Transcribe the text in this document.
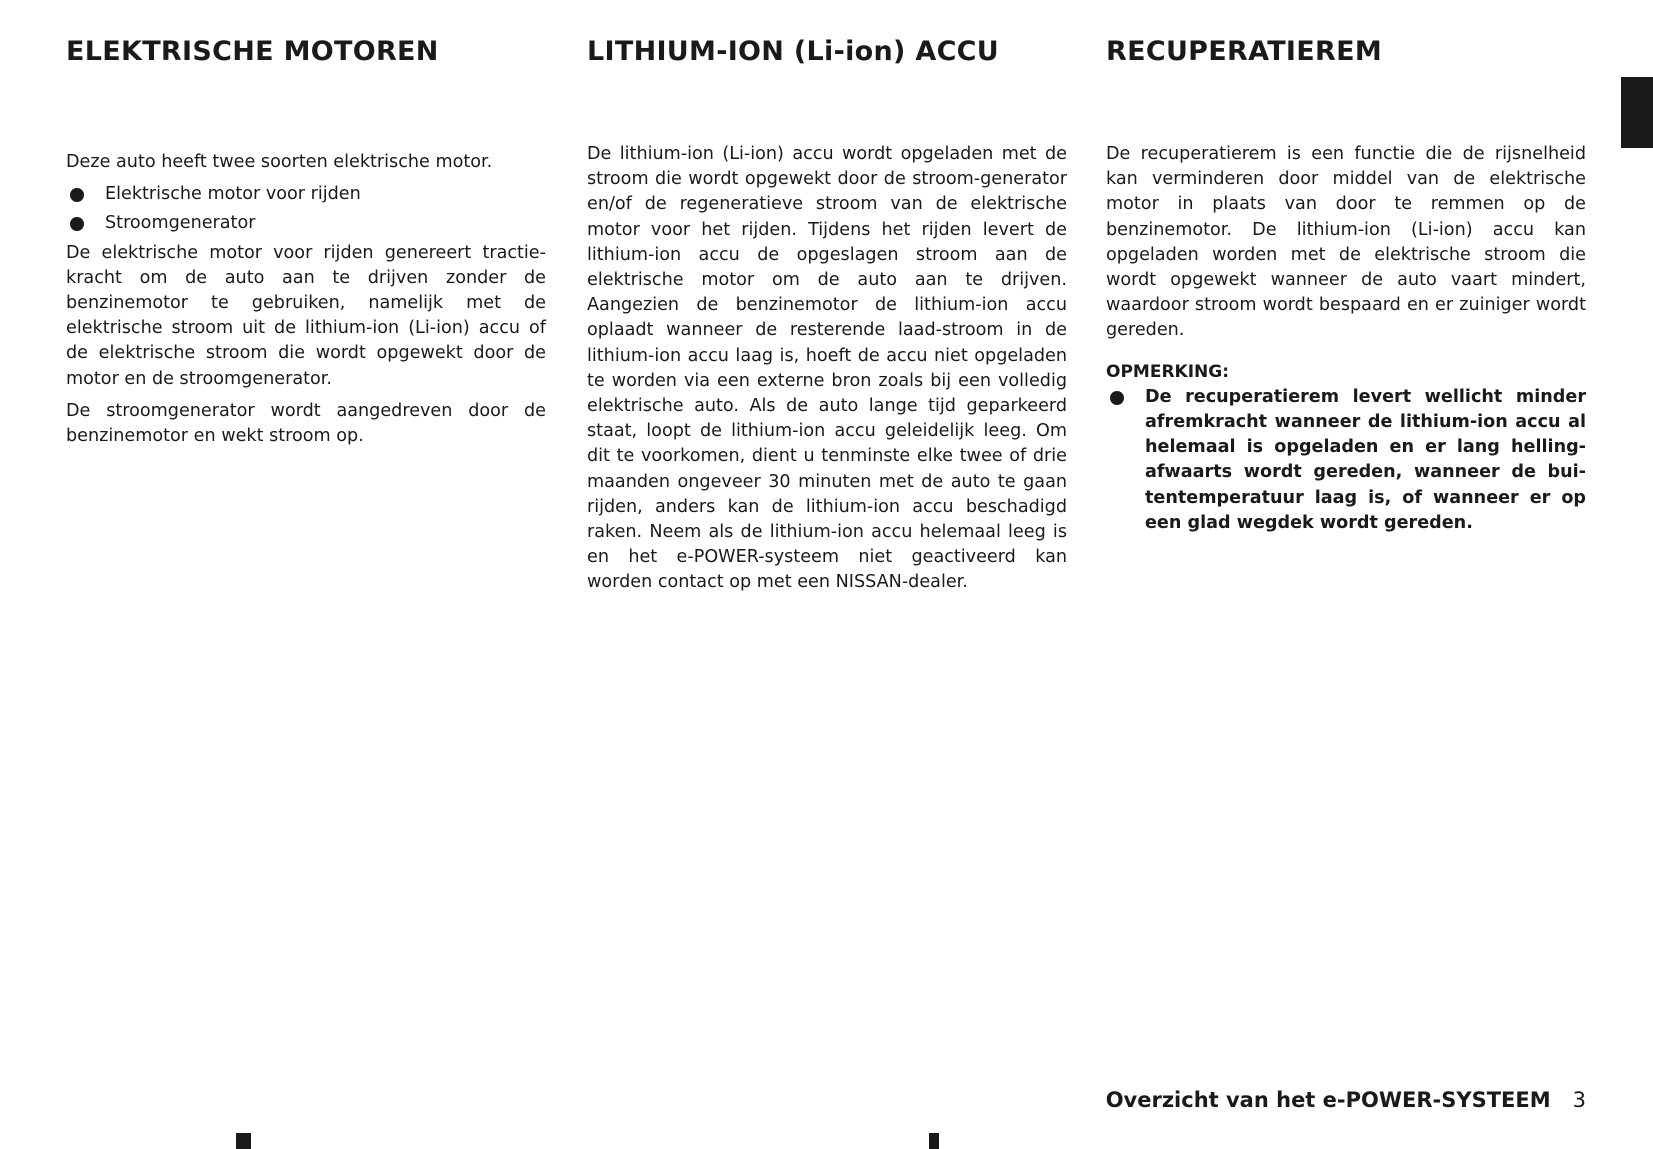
ELEKTRISCHE MOTOREN	LITHIUM-ION (Li-ion) ACCU	RECUPERATIEREM

Deze auto heeft twee soorten elektrische motor.

Elektrische motor voor rijden
Stroomgenerator

De elektrische motor voor rijden genereert tractie-kracht om de auto aan te drijven zonder de benzinemotor te gebruiken, namelijk met de elektrische stroom uit de lithium-ion (Li-ion) accu of de elektrische stroom die wordt opgewekt door de motor en de stroomgenerator.

De stroomgenerator wordt aangedreven door de benzinemotor en wekt stroom op.

De lithium-ion (Li-ion) accu wordt opgeladen met de stroom die wordt opgewekt door de stroom-generator en/of de regeneratieve stroom van de elektrische motor voor het rijden. Tijdens het rijden levert de lithium-ion accu de opgeslagen stroom aan de elektrische motor om de auto aan te drijven. Aangezien de benzinemotor de lithium-ion accu oplaadt wanneer de resterende laad-stroom in de lithium-ion accu laag is, hoeft de accu niet opgeladen te worden via een externe bron zoals bij een volledig elektrische auto. Als de auto lange tijd geparkeerd staat, loopt de lithium-ion accu geleidelijk leeg. Om dit te voorkomen, dient u tenminste elke twee of drie maanden ongeveer 30 minuten met de auto te gaan rijden, anders kan de lithium-ion accu beschadigd raken. Neem als de lithium-ion accu helemaal leeg is en het e-POWER-systeem niet geactiveerd kan worden contact op met een NISSAN-dealer.

De recuperatierem is een functie die de rijsnelheid kan verminderen door middel van de elektrische motor in plaats van door te remmen op de benzinemotor. De lithium-ion (Li-ion) accu kan opgeladen worden met de elektrische stroom die wordt opgewekt wanneer de auto vaart mindert, waardoor stroom wordt bespaard en er zuiniger wordt gereden.

OPMERKING:
De recuperatierem levert wellicht minder afremkracht wanneer de lithium-ion accu al helemaal is opgeladen en er lang helling-afwaarts wordt gereden, wanneer de bui-tentemperatuur laag is, of wanneer er op een glad wegdek wordt gereden.
Overzicht van het e-POWER-SYSTEEM 3
